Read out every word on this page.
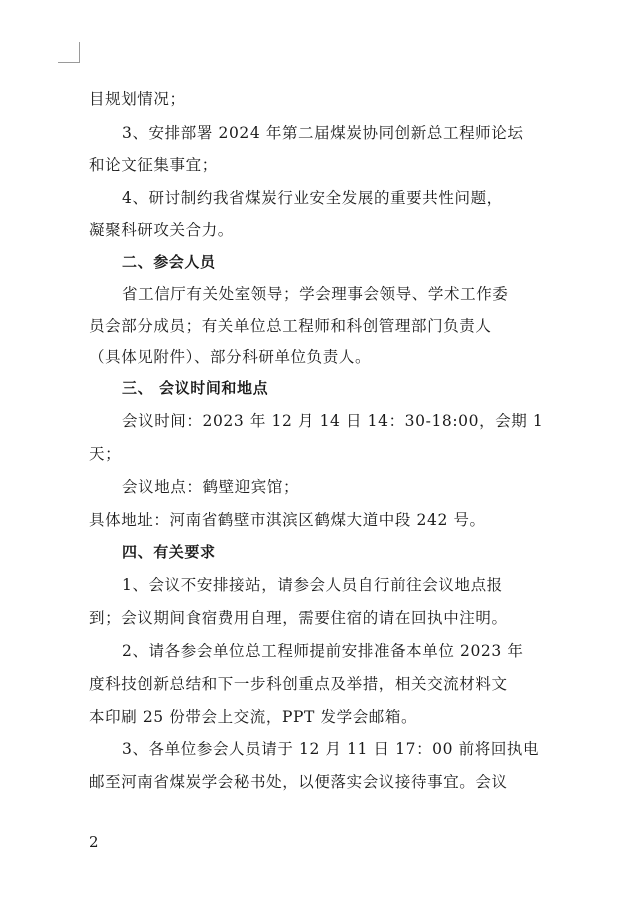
目规划情况；
3、安排部署 2024 年第二届煤炭协同创新总工程师论坛
和论文征集事宜；
4、研讨制约我省煤炭行业安全发展的重要共性问题，
凝聚科研攻关合力。
二、参会人员
省工信厅有关处室领导；学会理事会领导、学术工作委
员会部分成员；有关单位总工程师和科创管理部门负责人
（具体见附件）、部分科研单位负责人。
三、 会议时间和地点
会议时间：2023 年 12 月 14 日 14：30-18:00，会期 1
天；
会议地点：鹤壁迎宾馆；
具体地址：河南省鹤壁市淇滨区鹤煤大道中段 242 号。
四、有关要求
1、会议不安排接站，请参会人员自行前往会议地点报
到；会议期间食宿费用自理，需要住宿的请在回执中注明。
2、请各参会单位总工程师提前安排准备本单位 2023 年
度科技创新总结和下一步科创重点及举措，相关交流材料文
本印刷 25 份带会上交流，PPT 发学会邮箱。
3、各单位参会人员请于 12 月 11 日 17：00 前将回执电
邮至河南省煤炭学会秘书处，以便落实会议接待事宜。会议
2
